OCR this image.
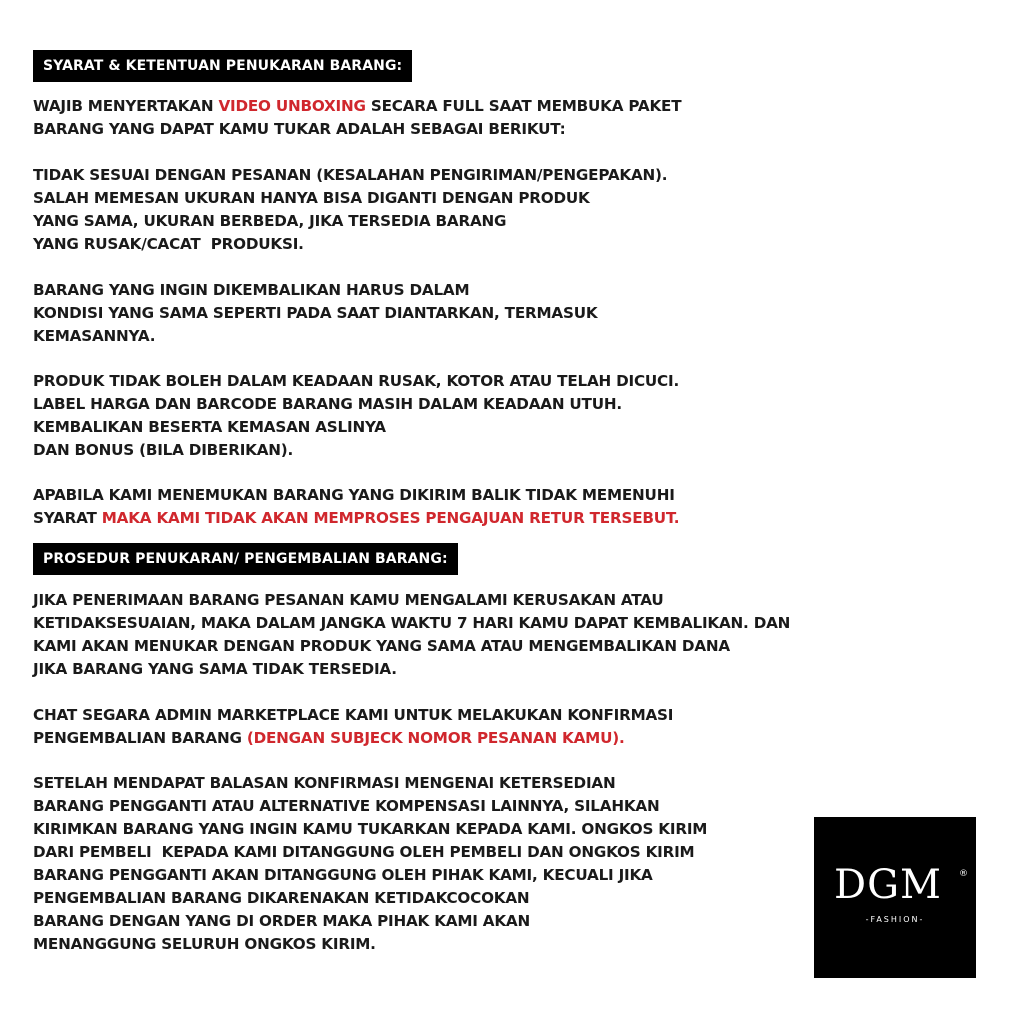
SYARAT & KETENTUAN PENUKARAN BARANG:
WAJIB MENYERTAKAN VIDEO UNBOXING SECARA FULL SAAT MEMBUKA PAKET
BARANG YANG DAPAT KAMU TUKAR ADALAH SEBAGAI BERIKUT:
TIDAK SESUAI DENGAN PESANAN (KESALAHAN PENGIRIMAN/PENGEPAKAN).
SALAH MEMESAN UKURAN HANYA BISA DIGANTI DENGAN PRODUK
YANG SAMA, UKURAN BERBEDA, JIKA TERSEDIA BARANG
YANG RUSAK/CACAT  PRODUKSI.
BARANG YANG INGIN DIKEMBALIKAN HARUS DALAM
KONDISI YANG SAMA SEPERTI PADA SAAT DIANTARKAN, TERMASUK
KEMASANNYA.
PRODUK TIDAK BOLEH DALAM KEADAAN RUSAK, KOTOR ATAU TELAH DICUCI.
LABEL HARGA DAN BARCODE BARANG MASIH DALAM KEADAAN UTUH.
KEMBALIKAN BESERTA KEMASAN ASLINYA
DAN BONUS (BILA DIBERIKAN).
APABILA KAMI MENEMUKAN BARANG YANG DIKIRIM BALIK TIDAK MEMENUHI
SYARAT MAKA KAMI TIDAK AKAN MEMPROSES PENGAJUAN RETUR TERSEBUT.
PROSEDUR PENUKARAN/ PENGEMBALIAN BARANG:
JIKA PENERIMAAN BARANG PESANAN KAMU MENGALAMI KERUSAKAN ATAU
KETIDAKSESUAIAN, MAKA DALAM JANGKA WAKTU 7 HARI KAMU DAPAT KEMBALIKAN. DAN
KAMI AKAN MENUKAR DENGAN PRODUK YANG SAMA ATAU MENGEMBALIKAN DANA
JIKA BARANG YANG SAMA TIDAK TERSEDIA.
CHAT SEGARA ADMIN MARKETPLACE KAMI UNTUK MELAKUKAN KONFIRMASI
PENGEMBALIAN BARANG (DENGAN SUBJECK NOMOR PESANAN KAMU).
SETELAH MENDAPAT BALASAN KONFIRMASI MENGENAI KETERSEDIAN
BARANG PENGGANTI ATAU ALTERNATIVE KOMPENSASI LAINNYA, SILAHKAN
KIRIMKAN BARANG YANG INGIN KAMU TUKARKAN KEPADA KAMI. ONGKOS KIRIM
DARI PEMBELI  KEPADA KAMI DITANGGUNG OLEH PEMBELI DAN ONGKOS KIRIM
BARANG PENGGANTI AKAN DITANGGUNG OLEH PIHAK KAMI, KECUALI JIKA
PENGEMBALIAN BARANG DIKARENAKAN KETIDAKCOCOKAN
BARANG DENGAN YANG DI ORDER MAKA PIHAK KAMI AKAN
MENANGGUNG SELURUH ONGKOS KIRIM.
DGM	®
-FASHION-
